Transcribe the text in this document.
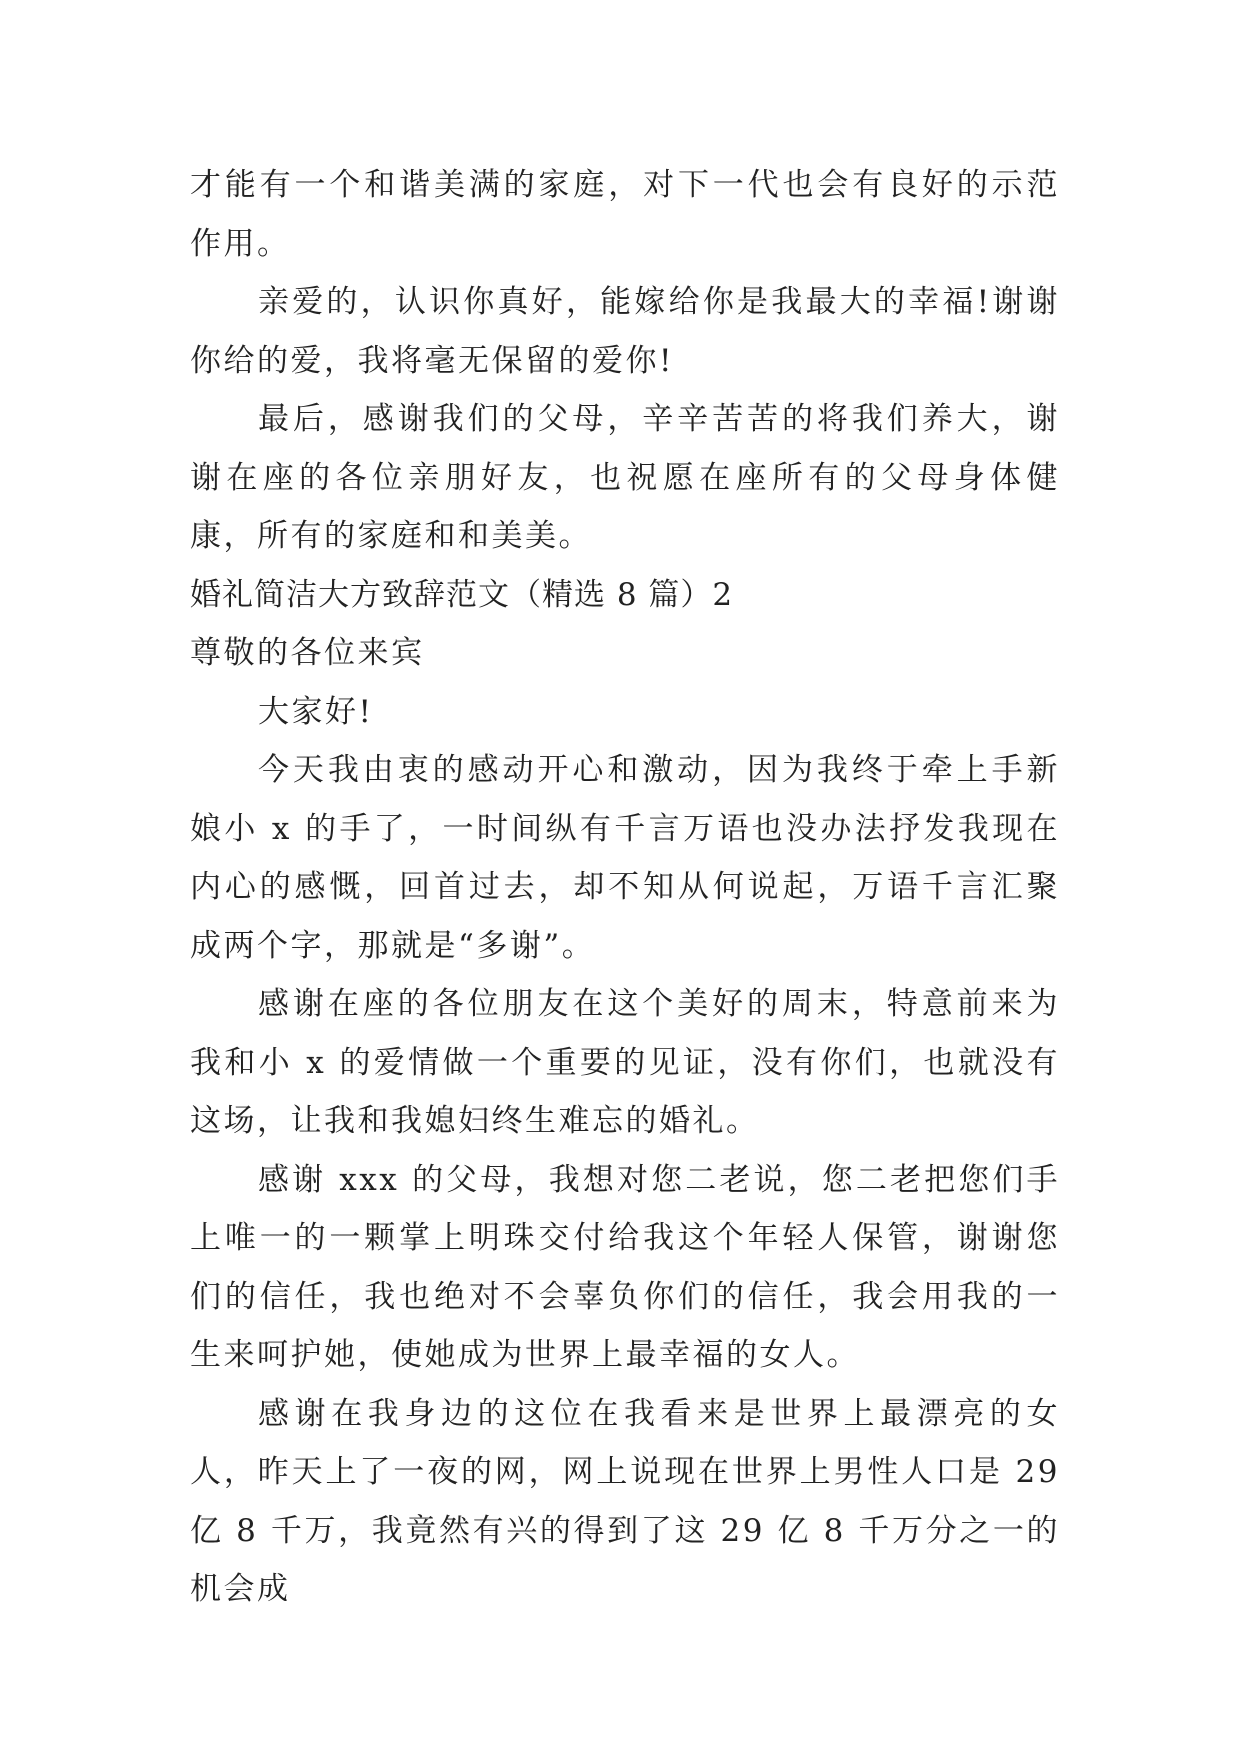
才能有一个和谐美满的家庭，对下一代也会有良好的示范作用。

亲爱的，认识你真好，能嫁给你是我最大的幸福!谢谢你给的爱，我将毫无保留的爱你!

最后，感谢我们的父母，辛辛苦苦的将我们养大，谢谢在座的各位亲朋好友，也祝愿在座所有的父母身体健康，所有的家庭和和美美。

婚礼简洁大方致辞范文（精选 8 篇）2

尊敬的各位来宾

大家好!

今天我由衷的感动开心和激动，因为我终于牵上手新娘小 x 的手了，一时间纵有千言万语也没办法抒发我现在内心的感慨，回首过去，却不知从何说起，万语千言汇聚成两个字，那就是“多谢”。

感谢在座的各位朋友在这个美好的周末，特意前来为我和小 x 的爱情做一个重要的见证，没有你们，也就没有这场，让我和我媳妇终生难忘的婚礼。

感谢 xxx 的父母，我想对您二老说，您二老把您们手上唯一的一颗掌上明珠交付给我这个年轻人保管，谢谢您们的信任，我也绝对不会辜负你们的信任，我会用我的一生来呵护她，使她成为世界上最幸福的女人。

感谢在我身边的这位在我看来是世界上最漂亮的女人，昨天上了一夜的网，网上说现在世界上男性人口是 29 亿 8 千万，我竟然有兴的得到了这 29 亿 8 千万分之一的机会成
